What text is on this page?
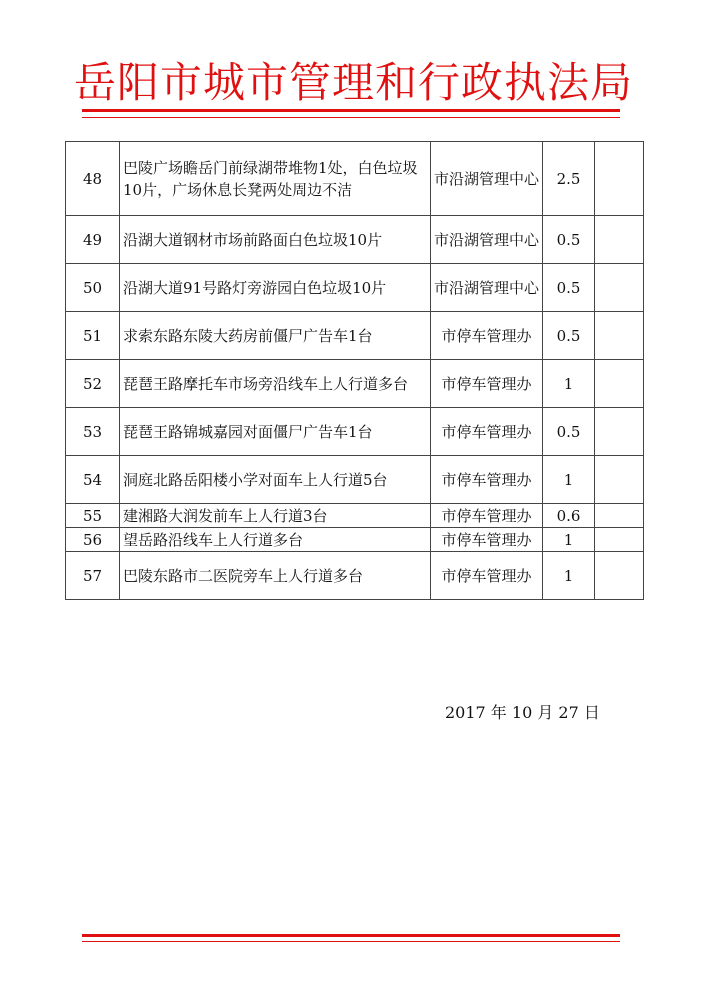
岳阳市城市管理和行政执法局
48	巴陵广场瞻岳门前绿湖带堆物1处，白色垃圾10片，广场休息长凳两处周边不洁	市沿湖管理中心	2.5	
49	沿湖大道钢材市场前路面白色垃圾10片	市沿湖管理中心	0.5	
50	沿湖大道91号路灯旁游园白色垃圾10片	市沿湖管理中心	0.5	
51	求索东路东陵大药房前僵尸广告车1台	市停车管理办	0.5	
52	琵琶王路摩托车市场旁沿线车上人行道多台	市停车管理办	1	
53	琵琶王路锦城嘉园对面僵尸广告车1台	市停车管理办	0.5	
54	洞庭北路岳阳楼小学对面车上人行道5台	市停车管理办	1	
55	建湘路大润发前车上人行道3台	市停车管理办	0.6	
56	望岳路沿线车上人行道多台	市停车管理办	1	
57	巴陵东路市二医院旁车上人行道多台	市停车管理办	1	
2017 年 10 月 27 日
